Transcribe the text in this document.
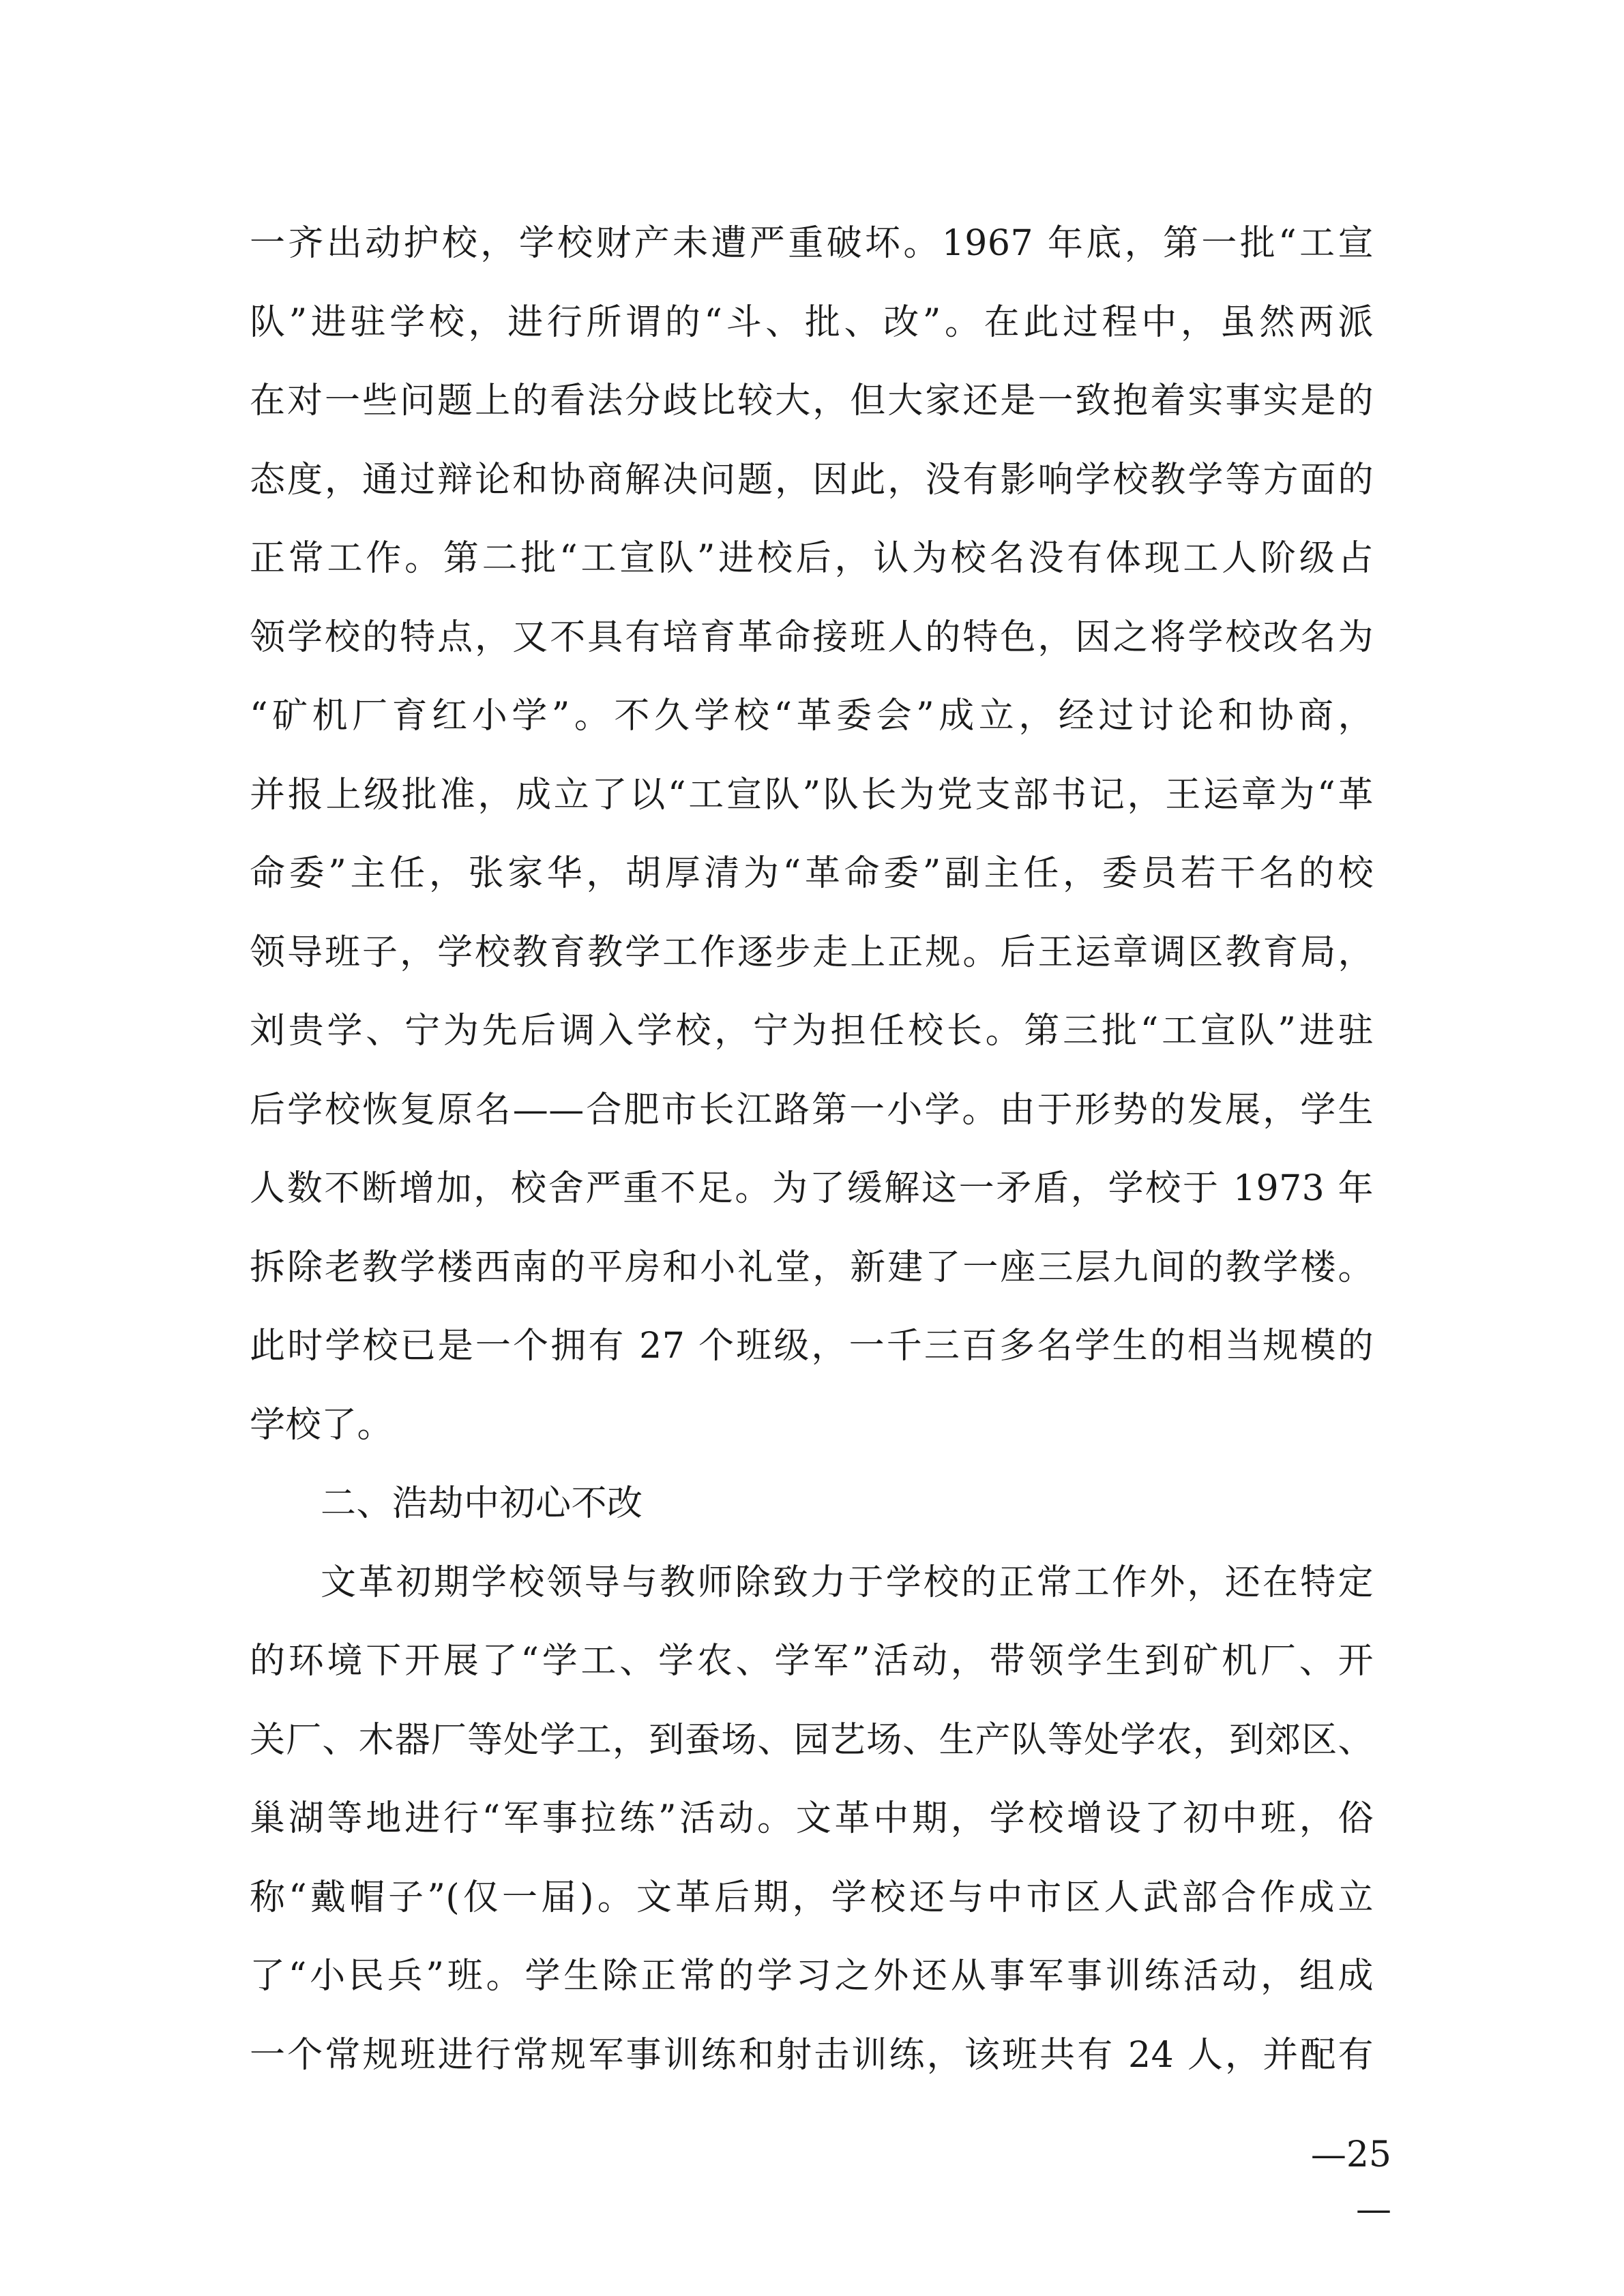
一齐出动护校，学校财产未遭严重破坏。1967 年底，第一批“工宣
队”进驻学校，进行所谓的“斗、批、改”。在此过程中，虽然两派
在对一些问题上的看法分歧比较大，但大家还是一致抱着实事实是的
态度，通过辩论和协商解决问题，因此，没有影响学校教学等方面的
正常工作。第二批“工宣队”进校后，认为校名没有体现工人阶级占
领学校的特点，又不具有培育革命接班人的特色，因之将学校改名为
“矿机厂育红小学”。不久学校“革委会”成立，经过讨论和协商，
并报上级批准，成立了以“工宣队”队长为党支部书记，王运章为“革
命委”主任，张家华，胡厚清为“革命委”副主任，委员若干名的校
领导班子，学校教育教学工作逐步走上正规。后王运章调区教育局，
刘贵学、宁为先后调入学校，宁为担任校长。第三批“工宣队”进驻
后学校恢复原名——合肥市长江路第一小学。由于形势的发展，学生
人数不断增加，校舍严重不足。为了缓解这一矛盾，学校于 1973 年
拆除老教学楼西南的平房和小礼堂，新建了一座三层九间的教学楼。
此时学校已是一个拥有 27 个班级，一千三百多名学生的相当规模的
学校了。
二、浩劫中初心不改
文革初期学校领导与教师除致力于学校的正常工作外，还在特定
的环境下开展了“学工、学农、学军”活动，带领学生到矿机厂、开
关厂、木器厂等处学工，到蚕场、园艺场、生产队等处学农，到郊区、
巢湖等地进行“军事拉练”活动。文革中期，学校增设了初中班，俗
称“戴帽子”(仅一届)。文革后期，学校还与中市区人武部合作成立
了“小民兵”班。学生除正常的学习之外还从事军事训练活动，组成
一个常规班进行常规军事训练和射击训练，该班共有 24 人，并配有
—25—
